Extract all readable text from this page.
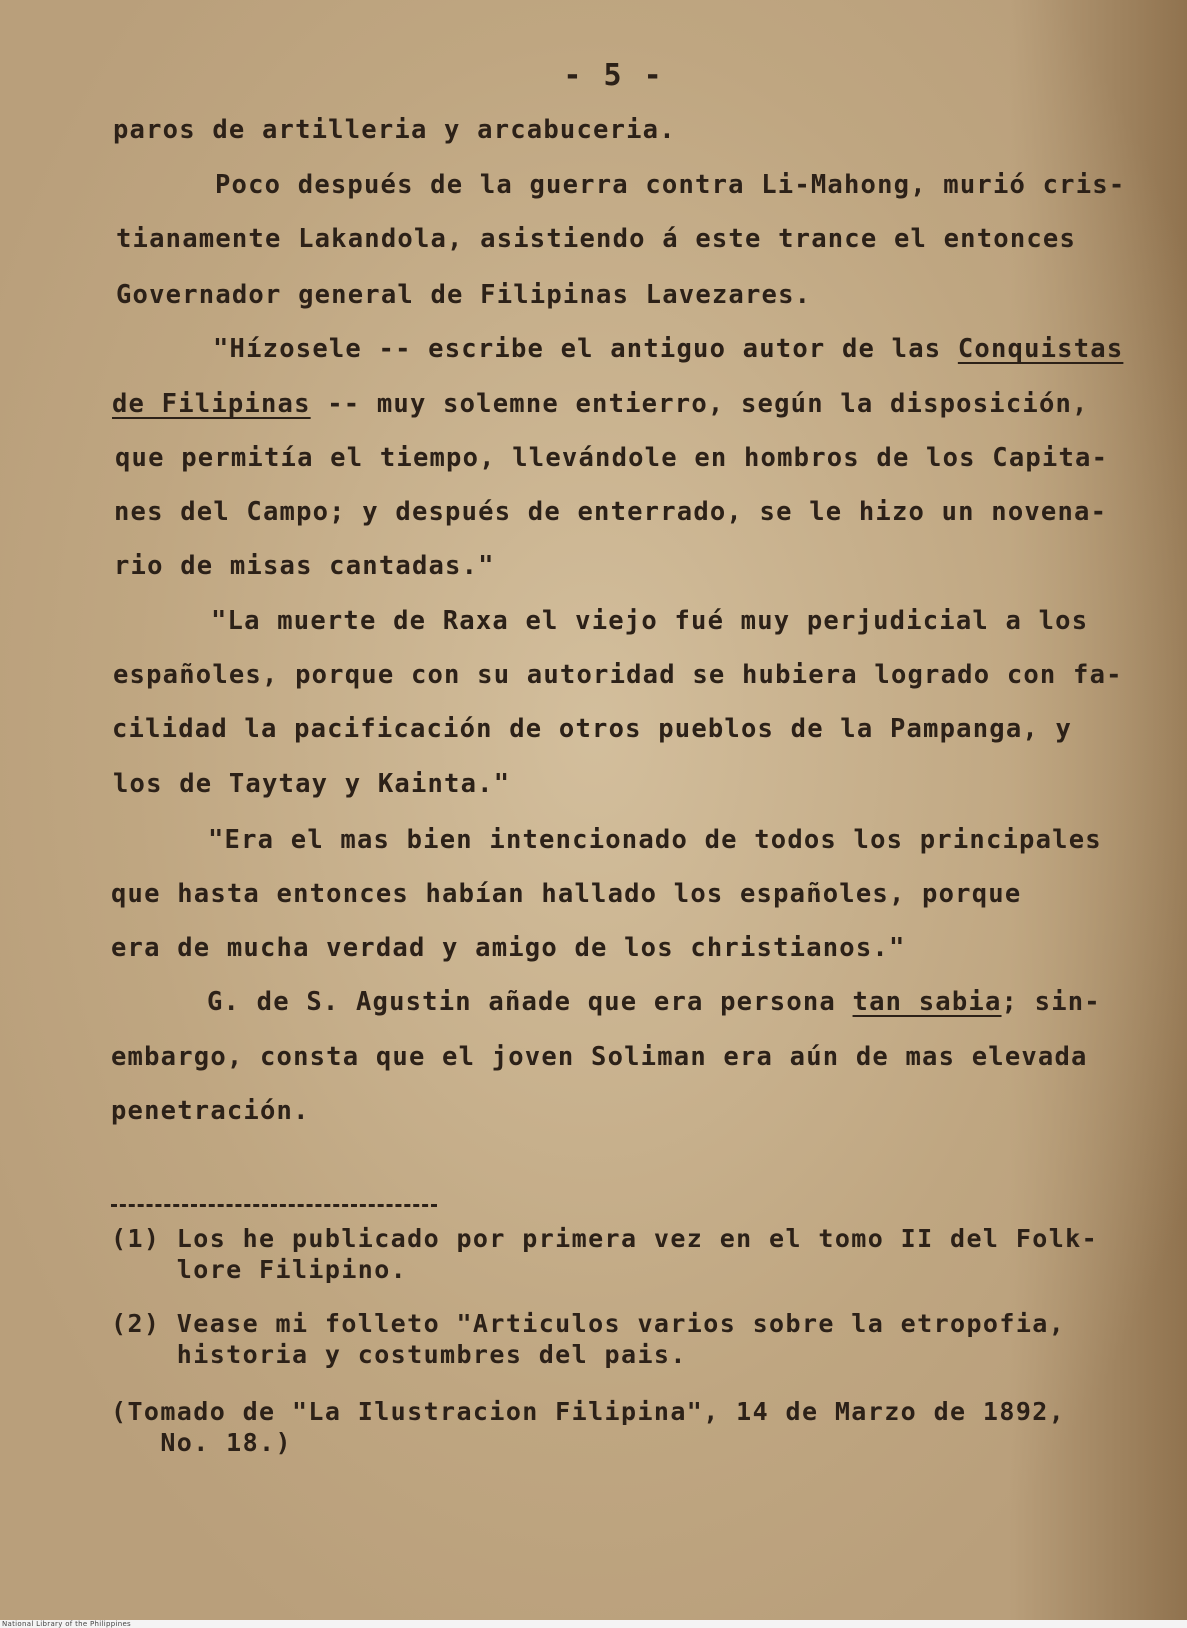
- 5 -
paros de artilleria y arcabuceria.
Poco después de la guerra contra Li-Mahong, murió cris-
tianamente Lakandola, asistiendo á este trance el entonces
Governador general de Filipinas Lavezares.
"Hízosele -- escribe el antiguo autor de las Conquistas
de Filipinas -- muy solemne entierro, según la disposición,
que permitía el tiempo, llevándole en hombros de los Capita-
nes del Campo; y después de enterrado, se le hizo un novena-
rio de misas cantadas."
"La muerte de Raxa el viejo fué muy perjudicial a los
españoles, porque con su autoridad se hubiera logrado con fa-
cilidad la pacificación de otros pueblos de la Pampanga, y
los de Taytay y Kainta."
"Era el mas bien intencionado de todos los principales
que hasta entonces habían hallado los españoles, porque
era de mucha verdad y amigo de los christianos."
G. de S. Agustin añade que era persona tan sabia; sin-
embargo, consta que el joven Soliman era aún de mas elevada
penetración.
(1) Los he publicado por primera vez en el tomo II del Folk-
lore Filipino.
(2) Vease mi folleto "Articulos varios sobre la etropofia,
historia y costumbres del pais.
(Tomado de "La Ilustracion Filipina", 14 de Marzo de 1892,
No. 18.)
National Library of the Philippines
